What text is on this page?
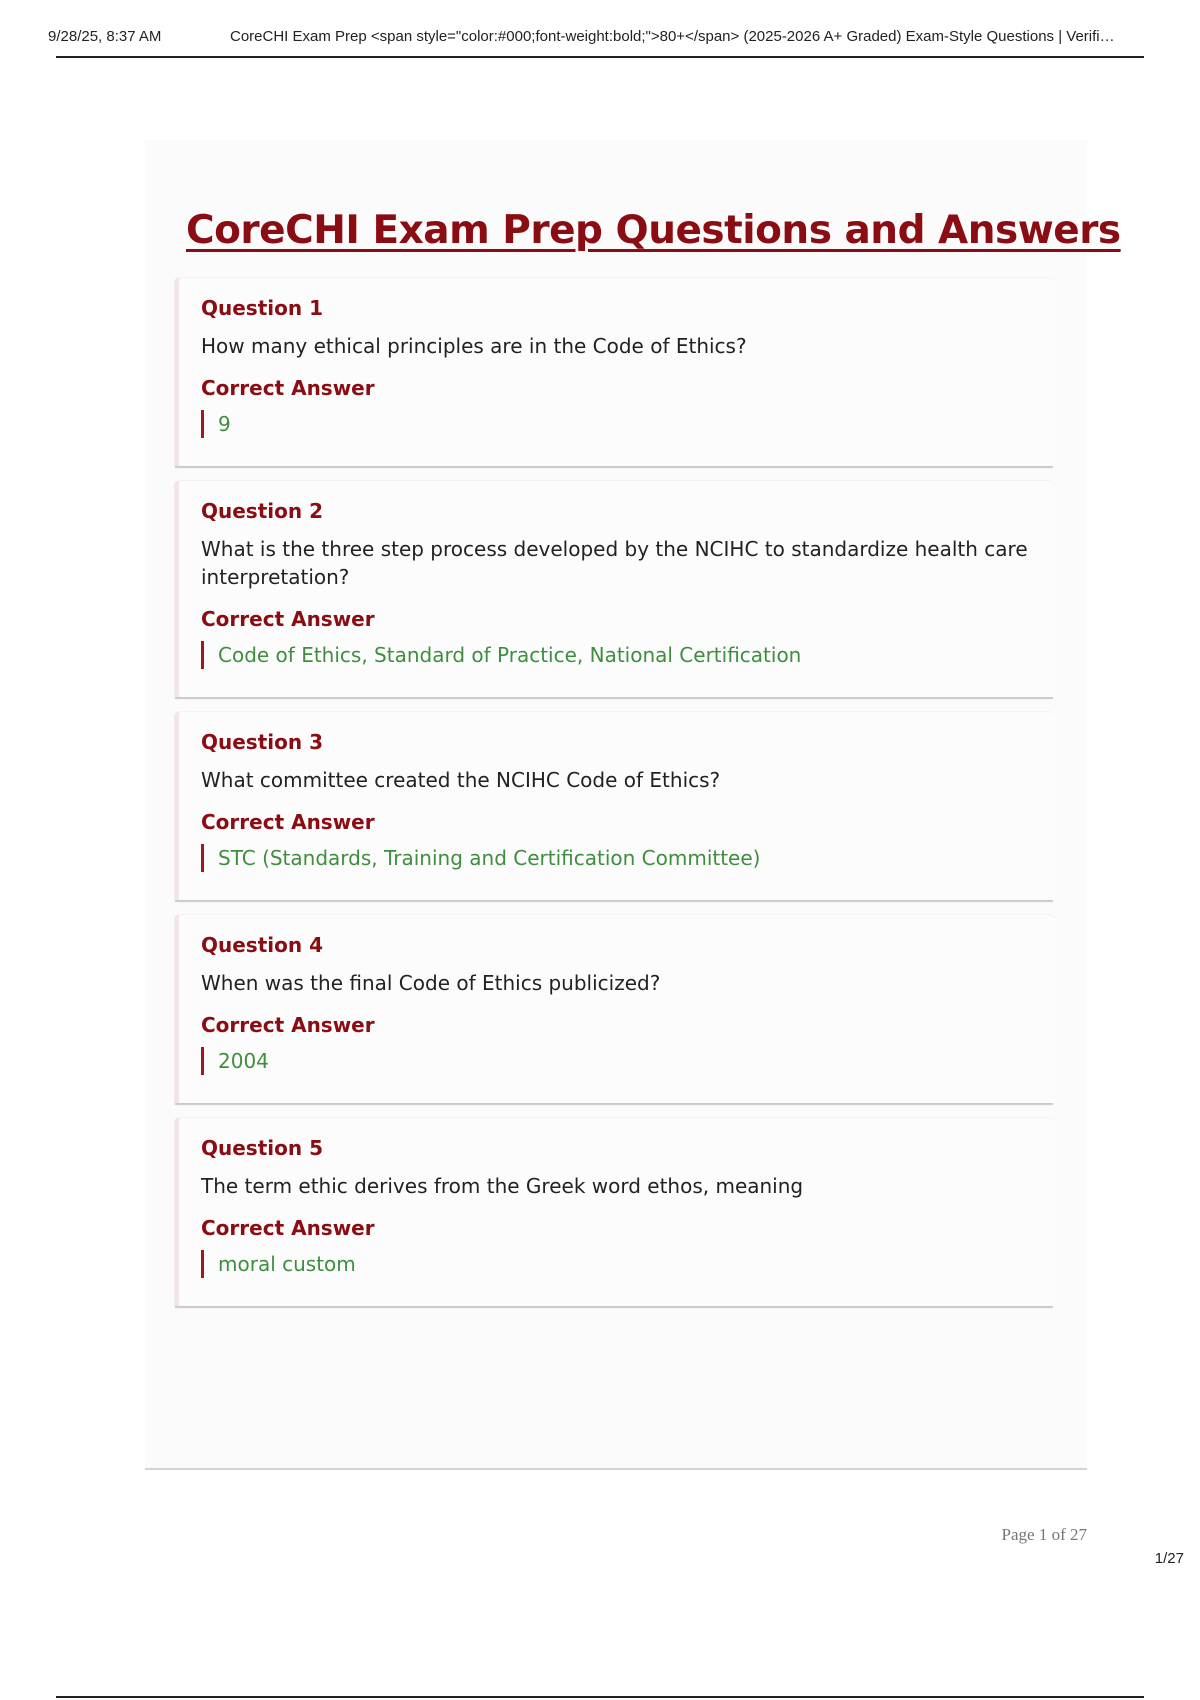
9/28/25, 8:37 AM	CoreCHI Exam Prep <span style="color:#000;font-weight:bold;">80+</span> (2025-2026 A+ Graded) Exam-Style Questions | Verifi…
CoreCHI Exam Prep Questions and Answers
Question 1
How many ethical principles are in the Code of Ethics?
Correct Answer
9
Question 2
What is the three step process developed by the NCIHC to standardize health care interpretation?
Correct Answer
Code of Ethics, Standard of Practice, National Certification
Question 3
What committee created the NCIHC Code of Ethics?
Correct Answer
STC (Standards, Training and Certification Committee)
Question 4
When was the final Code of Ethics publicized?
Correct Answer
2004
Question 5
The term ethic derives from the Greek word ethos, meaning
Correct Answer
moral custom
Page 1 of 27
1/27
